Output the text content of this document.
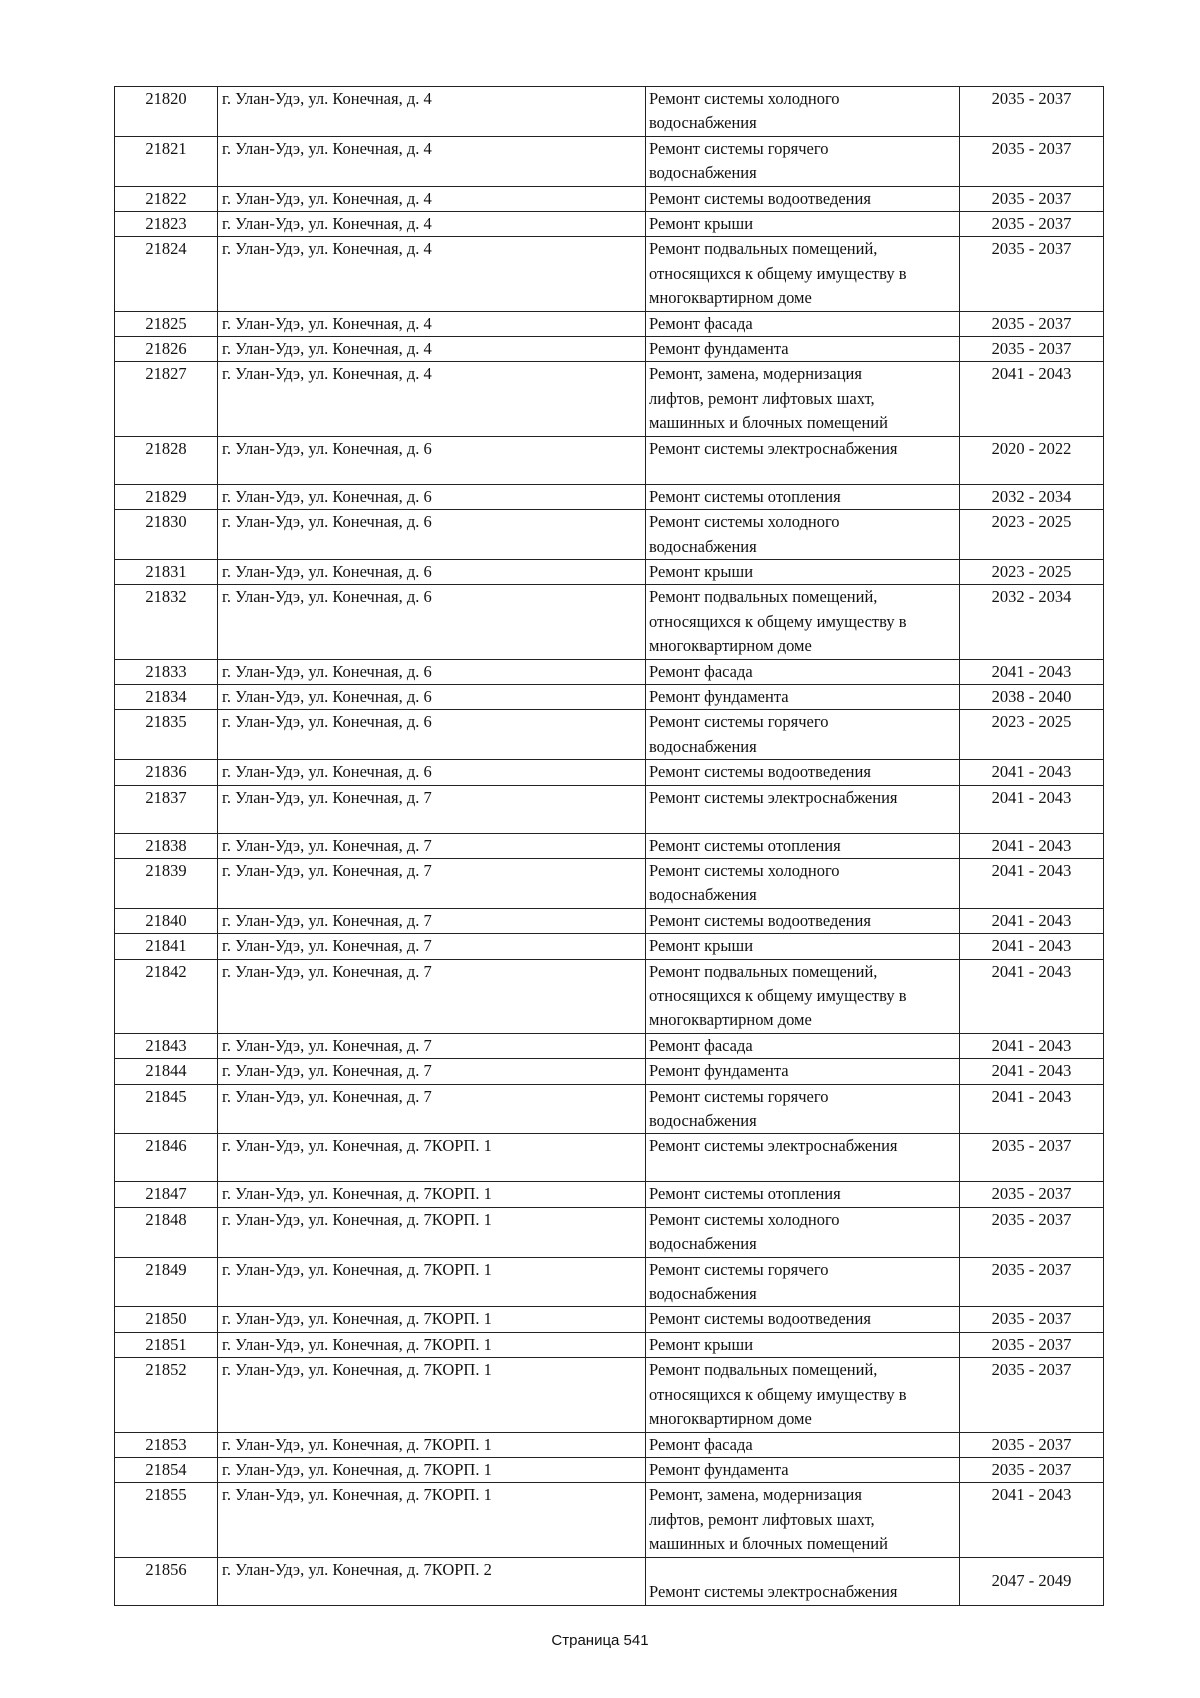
21820	г. Улан-Удэ, ул. Конечная, д. 4	Ремонт системы холодного
водоснабжения	2035 - 2037
21821	г. Улан-Удэ, ул. Конечная, д. 4	Ремонт системы горячего
водоснабжения	2035 - 2037
21822	г. Улан-Удэ, ул. Конечная, д. 4	Ремонт системы водоотведения	2035 - 2037
21823	г. Улан-Удэ, ул. Конечная, д. 4	Ремонт крыши	2035 - 2037
21824	г. Улан-Удэ, ул. Конечная, д. 4	Ремонт подвальных помещений,
относящихся к общему имуществу в
многоквартирном доме	2035 - 2037
21825	г. Улан-Удэ, ул. Конечная, д. 4	Ремонт фасада	2035 - 2037
21826	г. Улан-Удэ, ул. Конечная, д. 4	Ремонт фундамента	2035 - 2037
21827	г. Улан-Удэ, ул. Конечная, д. 4	Ремонт, замена, модернизация
лифтов, ремонт лифтовых шахт,
машинных и блочных помещений	2041 - 2043
21828	г. Улан-Удэ, ул. Конечная, д. 6	Ремонт системы электроснабжения	2020 - 2022
21829	г. Улан-Удэ, ул. Конечная, д. 6	Ремонт системы отопления	2032 - 2034
21830	г. Улан-Удэ, ул. Конечная, д. 6	Ремонт системы холодного
водоснабжения	2023 - 2025
21831	г. Улан-Удэ, ул. Конечная, д. 6	Ремонт крыши	2023 - 2025
21832	г. Улан-Удэ, ул. Конечная, д. 6	Ремонт подвальных помещений,
относящихся к общему имуществу в
многоквартирном доме	2032 - 2034
21833	г. Улан-Удэ, ул. Конечная, д. 6	Ремонт фасада	2041 - 2043
21834	г. Улан-Удэ, ул. Конечная, д. 6	Ремонт фундамента	2038 - 2040
21835	г. Улан-Удэ, ул. Конечная, д. 6	Ремонт системы горячего
водоснабжения	2023 - 2025
21836	г. Улан-Удэ, ул. Конечная, д. 6	Ремонт системы водоотведения	2041 - 2043
21837	г. Улан-Удэ, ул. Конечная, д. 7	Ремонт системы электроснабжения	2041 - 2043
21838	г. Улан-Удэ, ул. Конечная, д. 7	Ремонт системы отопления	2041 - 2043
21839	г. Улан-Удэ, ул. Конечная, д. 7	Ремонт системы холодного
водоснабжения	2041 - 2043
21840	г. Улан-Удэ, ул. Конечная, д. 7	Ремонт системы водоотведения	2041 - 2043
21841	г. Улан-Удэ, ул. Конечная, д. 7	Ремонт крыши	2041 - 2043
21842	г. Улан-Удэ, ул. Конечная, д. 7	Ремонт подвальных помещений,
относящихся к общему имуществу в
многоквартирном доме	2041 - 2043
21843	г. Улан-Удэ, ул. Конечная, д. 7	Ремонт фасада	2041 - 2043
21844	г. Улан-Удэ, ул. Конечная, д. 7	Ремонт фундамента	2041 - 2043
21845	г. Улан-Удэ, ул. Конечная, д. 7	Ремонт системы горячего
водоснабжения	2041 - 2043
21846	г. Улан-Удэ, ул. Конечная, д. 7КОРП. 1	Ремонт системы электроснабжения	2035 - 2037
21847	г. Улан-Удэ, ул. Конечная, д. 7КОРП. 1	Ремонт системы отопления	2035 - 2037
21848	г. Улан-Удэ, ул. Конечная, д. 7КОРП. 1	Ремонт системы холодного
водоснабжения	2035 - 2037
21849	г. Улан-Удэ, ул. Конечная, д. 7КОРП. 1	Ремонт системы горячего
водоснабжения	2035 - 2037
21850	г. Улан-Удэ, ул. Конечная, д. 7КОРП. 1	Ремонт системы водоотведения	2035 - 2037
21851	г. Улан-Удэ, ул. Конечная, д. 7КОРП. 1	Ремонт крыши	2035 - 2037
21852	г. Улан-Удэ, ул. Конечная, д. 7КОРП. 1	Ремонт подвальных помещений,
относящихся к общему имуществу в
многоквартирном доме	2035 - 2037
21853	г. Улан-Удэ, ул. Конечная, д. 7КОРП. 1	Ремонт фасада	2035 - 2037
21854	г. Улан-Удэ, ул. Конечная, д. 7КОРП. 1	Ремонт фундамента	2035 - 2037
21855	г. Улан-Удэ, ул. Конечная, д. 7КОРП. 1	Ремонт, замена, модернизация
лифтов, ремонт лифтовых шахт,
машинных и блочных помещений	2041 - 2043
21856	г. Улан-Удэ, ул. Конечная, д. 7КОРП. 2	Ремонт системы электроснабжения	2047 - 2049
Страница 541
